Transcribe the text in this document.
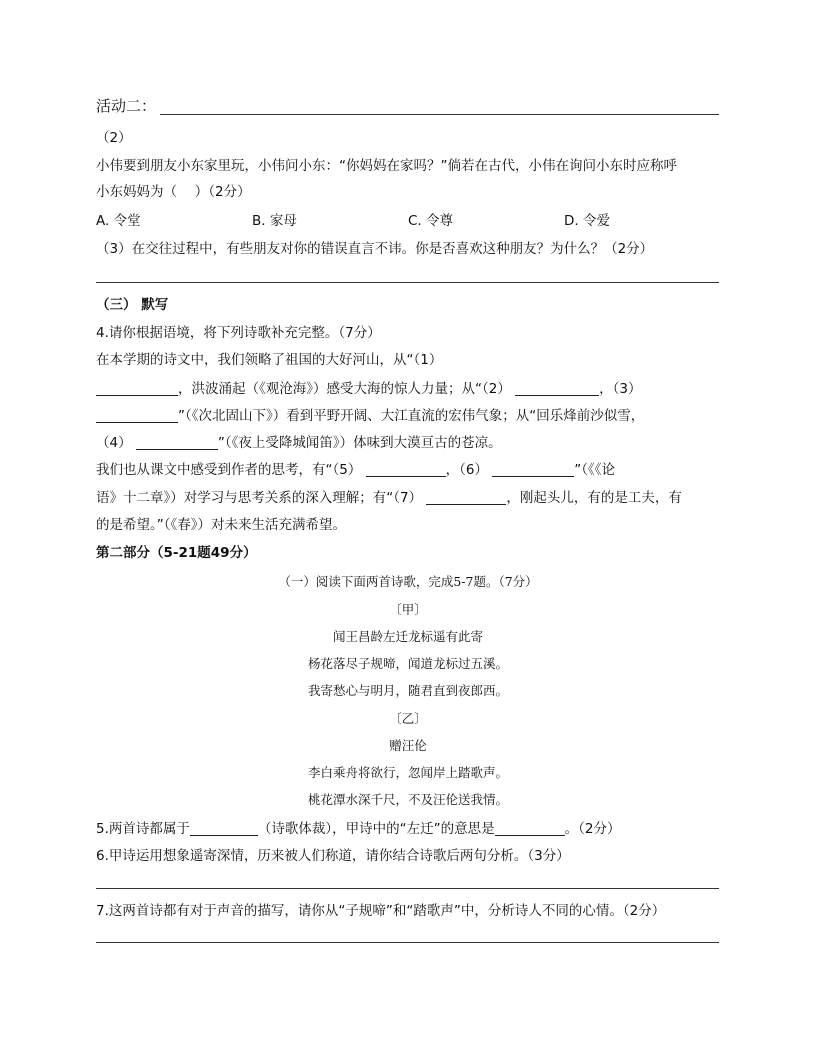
活动二：
（2）
小伟要到朋友小东家里玩，小伟问小东：“你妈妈在家吗？”倘若在古代，小伟在询问小东时应称呼
小东妈妈为（　 ）（2分）
A. 令堂	B. 家母	C. 令尊	D. 令爱
（3）在交往过程中，有些朋友对你的错误直言不讳。你是否喜欢这种朋友？为什么？（2分）
（三） 默写
4.请你根据语境，将下列诗歌补充完整。（7分）
在本学期的诗文中，我们领略了祖国的大好河山，从“（1）
，洪波涌起（《观沧海》）感受大海的惊人力量；从“（2）	，（3）
”（《次北固山下》）看到平野开阔、大江直流的宏伟气象；从“回乐烽前沙似雪，
（4）	”（《夜上受降城闻笛》）体味到大漠亘古的苍凉。
我们也从课文中感受到作者的思考，有“（5）	，（6）	”（《《论
语》十二章》）对学习与思考关系的深入理解；有“（7）	，刚起头儿，有的是工夫，有
的是希望。”（《春》）对未来生活充满希望。
第二部分（5-21题49分）
（一）阅读下面两首诗歌，完成5-7题。（7分）
〔甲〕
闻王昌龄左迁龙标遥有此寄
杨花落尽子规啼，闻道龙标过五溪。
我寄愁心与明月，随君直到夜郎西。
〔乙〕
赠汪伦
李白乘舟将欲行，忽闻岸上踏歌声。
桃花潭水深千尺，不及汪伦送我情。
5.两首诗都属于	（诗歌体裁），甲诗中的“左迁”的意思是	。（2分）
6.甲诗运用想象遥寄深情，历来被人们称道，请你结合诗歌后两句分析。（3分）
7.这两首诗都有对于声音的描写，请你从“子规啼”和“踏歌声”中，分析诗人不同的心情。（2分）
